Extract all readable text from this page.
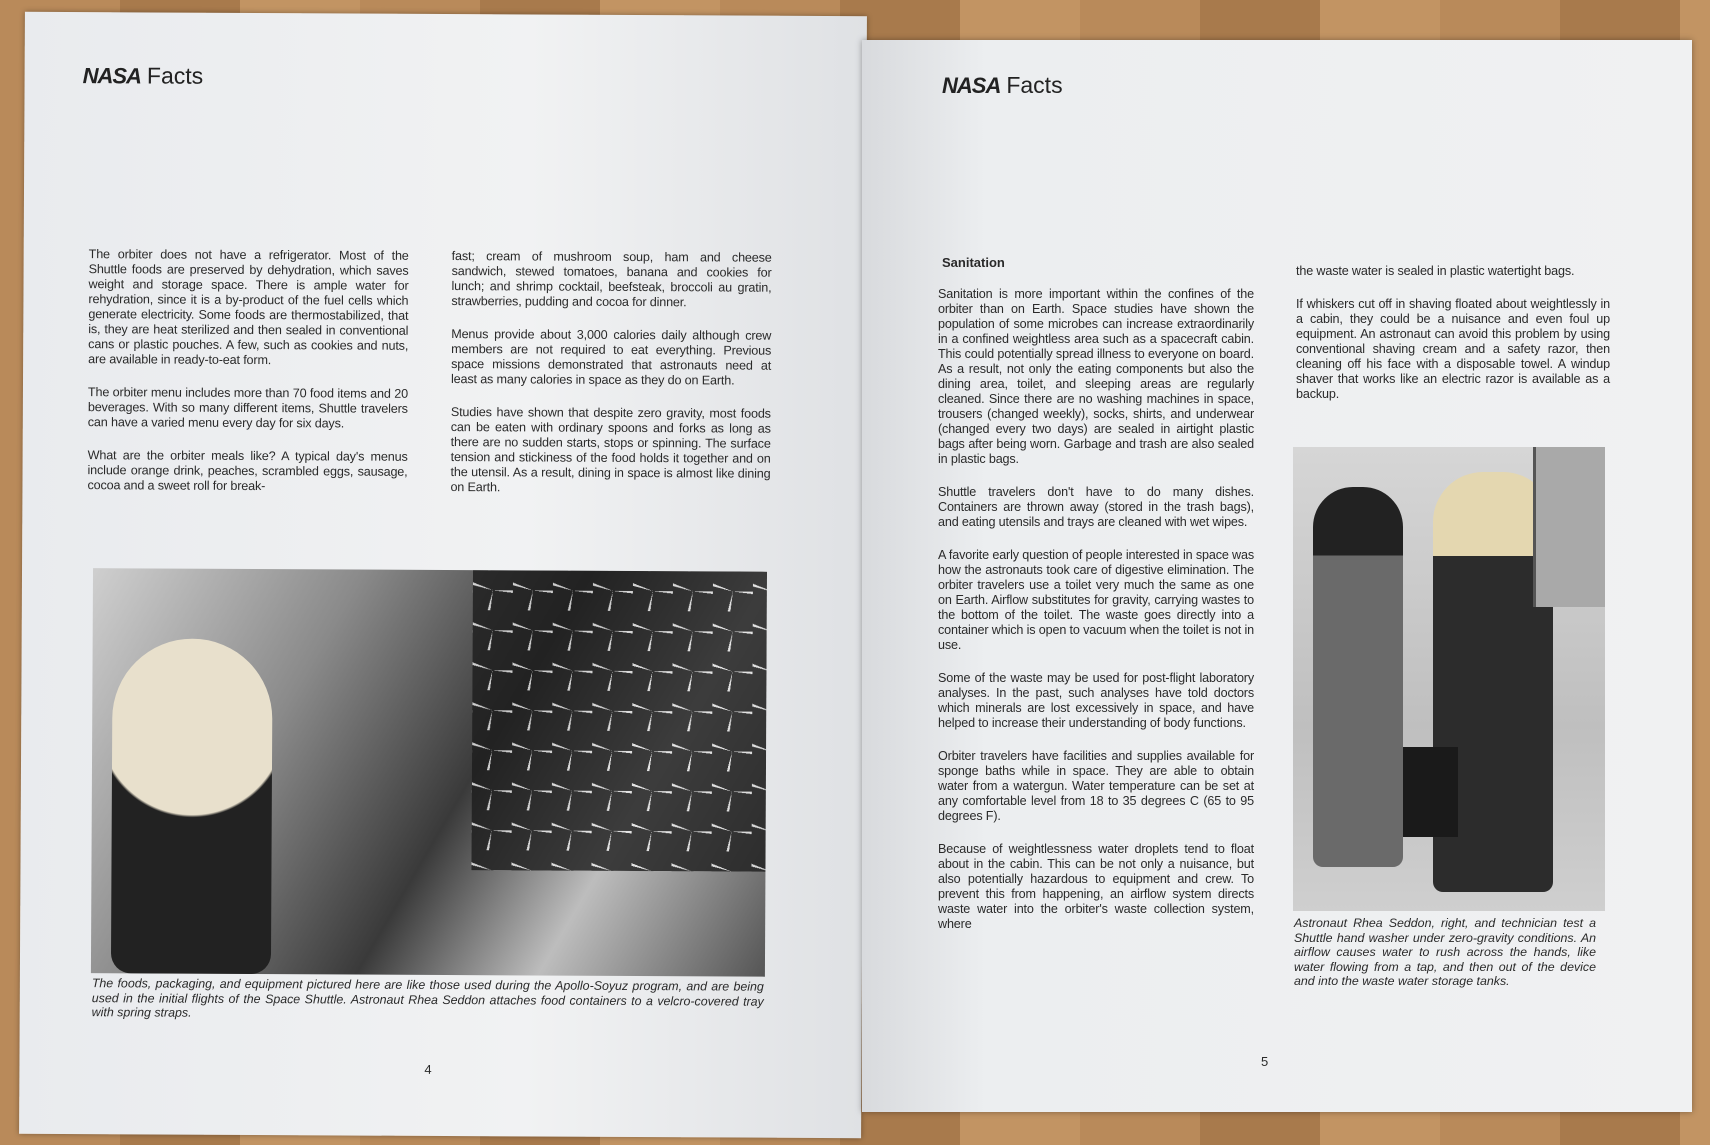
NASA Facts

The orbiter does not have a refrigerator. Most of the Shuttle foods are preserved by dehydration, which saves weight and storage space. There is ample water for rehydration, since it is a by-product of the fuel cells which generate electricity. Some foods are thermostabilized, that is, they are heat sterilized and then sealed in conventional cans or plastic pouches. A few, such as cookies and nuts, are available in ready-to-eat form.

The orbiter menu includes more than 70 food items and 20 beverages. With so many different items, Shuttle travelers can have a varied menu every day for six days.

What are the orbiter meals like? A typical day's menus include orange drink, peaches, scrambled eggs, sausage, cocoa and a sweet roll for break-

fast; cream of mushroom soup, ham and cheese sandwich, stewed tomatoes, banana and cookies for lunch; and shrimp cocktail, beefsteak, broccoli au gratin, strawberries, pudding and cocoa for dinner.

Menus provide about 3,000 calories daily although crew members are not required to eat everything. Previous space missions demonstrated that astronauts need at least as many calories in space as they do on Earth.

Studies have shown that despite zero gravity, most foods can be eaten with ordinary spoons and forks as long as there are no sudden starts, stops or spinning. The surface tension and stickiness of the food holds it together and on the utensil. As a result, dining in space is almost like dining on Earth.

The foods, packaging, and equipment pictured here are like those used during the Apollo-Soyuz program, and are being used in the initial flights of the Space Shuttle. Astronaut Rhea Seddon attaches food containers to a velcro-covered tray with spring straps.
4
NASA Facts
Sanitation

Sanitation is more important within the confines of the orbiter than on Earth. Space studies have shown the population of some microbes can increase extraordinarily in a confined weightless area such as a spacecraft cabin. This could potentially spread illness to everyone on board. As a result, not only the eating components but also the dining area, toilet, and sleeping areas are regularly cleaned. Since there are no washing machines in space, trousers (changed weekly), socks, shirts, and underwear (changed every two days) are sealed in airtight plastic bags after being worn. Garbage and trash are also sealed in plastic bags.

Shuttle travelers don't have to do many dishes. Containers are thrown away (stored in the trash bags), and eating utensils and trays are cleaned with wet wipes.

A favorite early question of people interested in space was how the astronauts took care of digestive elimination. The orbiter travelers use a toilet very much the same as one on Earth. Airflow substitutes for gravity, carrying wastes to the bottom of the toilet. The waste goes directly into a container which is open to vacuum when the toilet is not in use.

Some of the waste may be used for post-flight laboratory analyses. In the past, such analyses have told doctors which minerals are lost excessively in space, and have helped to increase their understanding of body functions.

Orbiter travelers have facilities and supplies available for sponge baths while in space. They are able to obtain water from a watergun. Water temperature can be set at any comfortable level from 18 to 35 degrees C (65 to 95 degrees F).

Because of weightlessness water droplets tend to float about in the cabin. This can be not only a nuisance, but also potentially hazardous to equipment and crew. To prevent this from happening, an airflow system directs waste water into the orbiter's waste collection system, where

the waste water is sealed in plastic watertight bags.

If whiskers cut off in shaving floated about weightlessly in a cabin, they could be a nuisance and even foul up equipment. An astronaut can avoid this problem by using conventional shaving cream and a safety razor, then cleaning off his face with a disposable towel. A windup shaver that works like an electric razor is available as a backup.

Astronaut Rhea Seddon, right, and technician test a Shuttle hand washer under zero-gravity conditions. An airflow causes water to rush across the hands, like water flowing from a tap, and then out of the device and into the waste water storage tanks.
5
